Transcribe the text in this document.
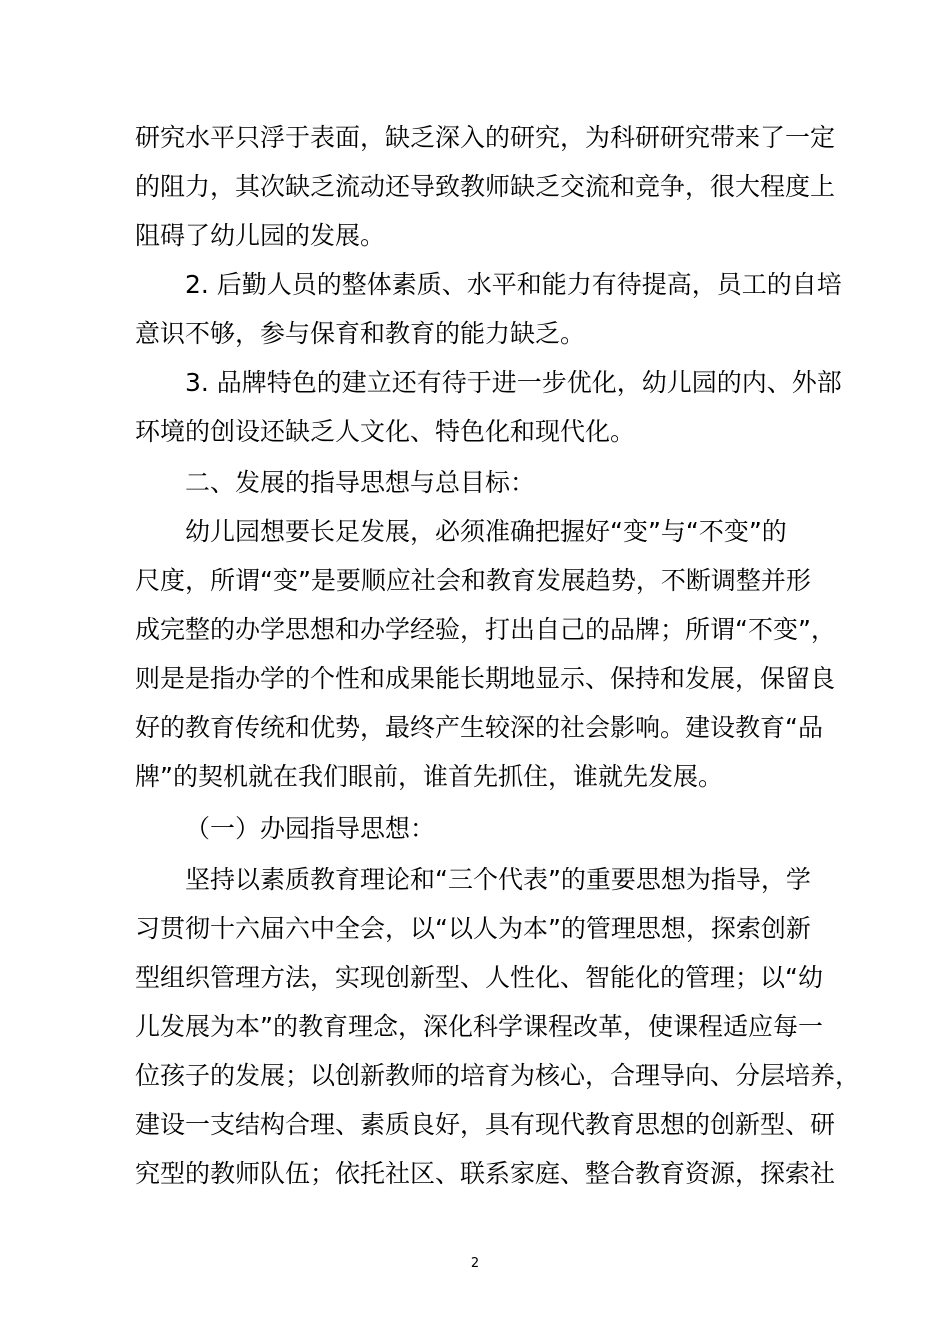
研究水平只浮于表面，缺乏深入的研究，为科研研究带来了一定

的阻力，其次缺乏流动还导致教师缺乏交流和竞争，很大程度上

阻碍了幼儿园的发展。

2. 后勤人员的整体素质、水平和能力有待提高，员工的自培

意识不够，参与保育和教育的能力缺乏。

3. 品牌特色的建立还有待于进一步优化，幼儿园的内、外部

环境的创设还缺乏人文化、特色化和现代化。

二、发展的指导思想与总目标：

幼儿园想要长足发展，必须准确把握好“变”与“不变”的

尺度，所谓“变”是要顺应社会和教育发展趋势，不断调整并形

成完整的办学思想和办学经验，打出自己的品牌；所谓“不变”，

则是是指办学的个性和成果能长期地显示、保持和发展，保留良

好的教育传统和优势，最终产生较深的社会影响。建设教育“品

牌”的契机就在我们眼前，谁首先抓住，谁就先发展。

（一）办园指导思想：

坚持以素质教育理论和“三个代表”的重要思想为指导，学

习贯彻十六届六中全会，以“以人为本”的管理思想，探索创新

型组织管理方法，实现创新型、人性化、智能化的管理；以“幼

儿发展为本”的教育理念，深化科学课程改革，使课程适应每一

位孩子的发展；以创新教师的培育为核心，合理导向、分层培养，

建设一支结构合理、素质良好，具有现代教育思想的创新型、研

究型的教师队伍；依托社区、联系家庭、整合教育资源，探索社

2
